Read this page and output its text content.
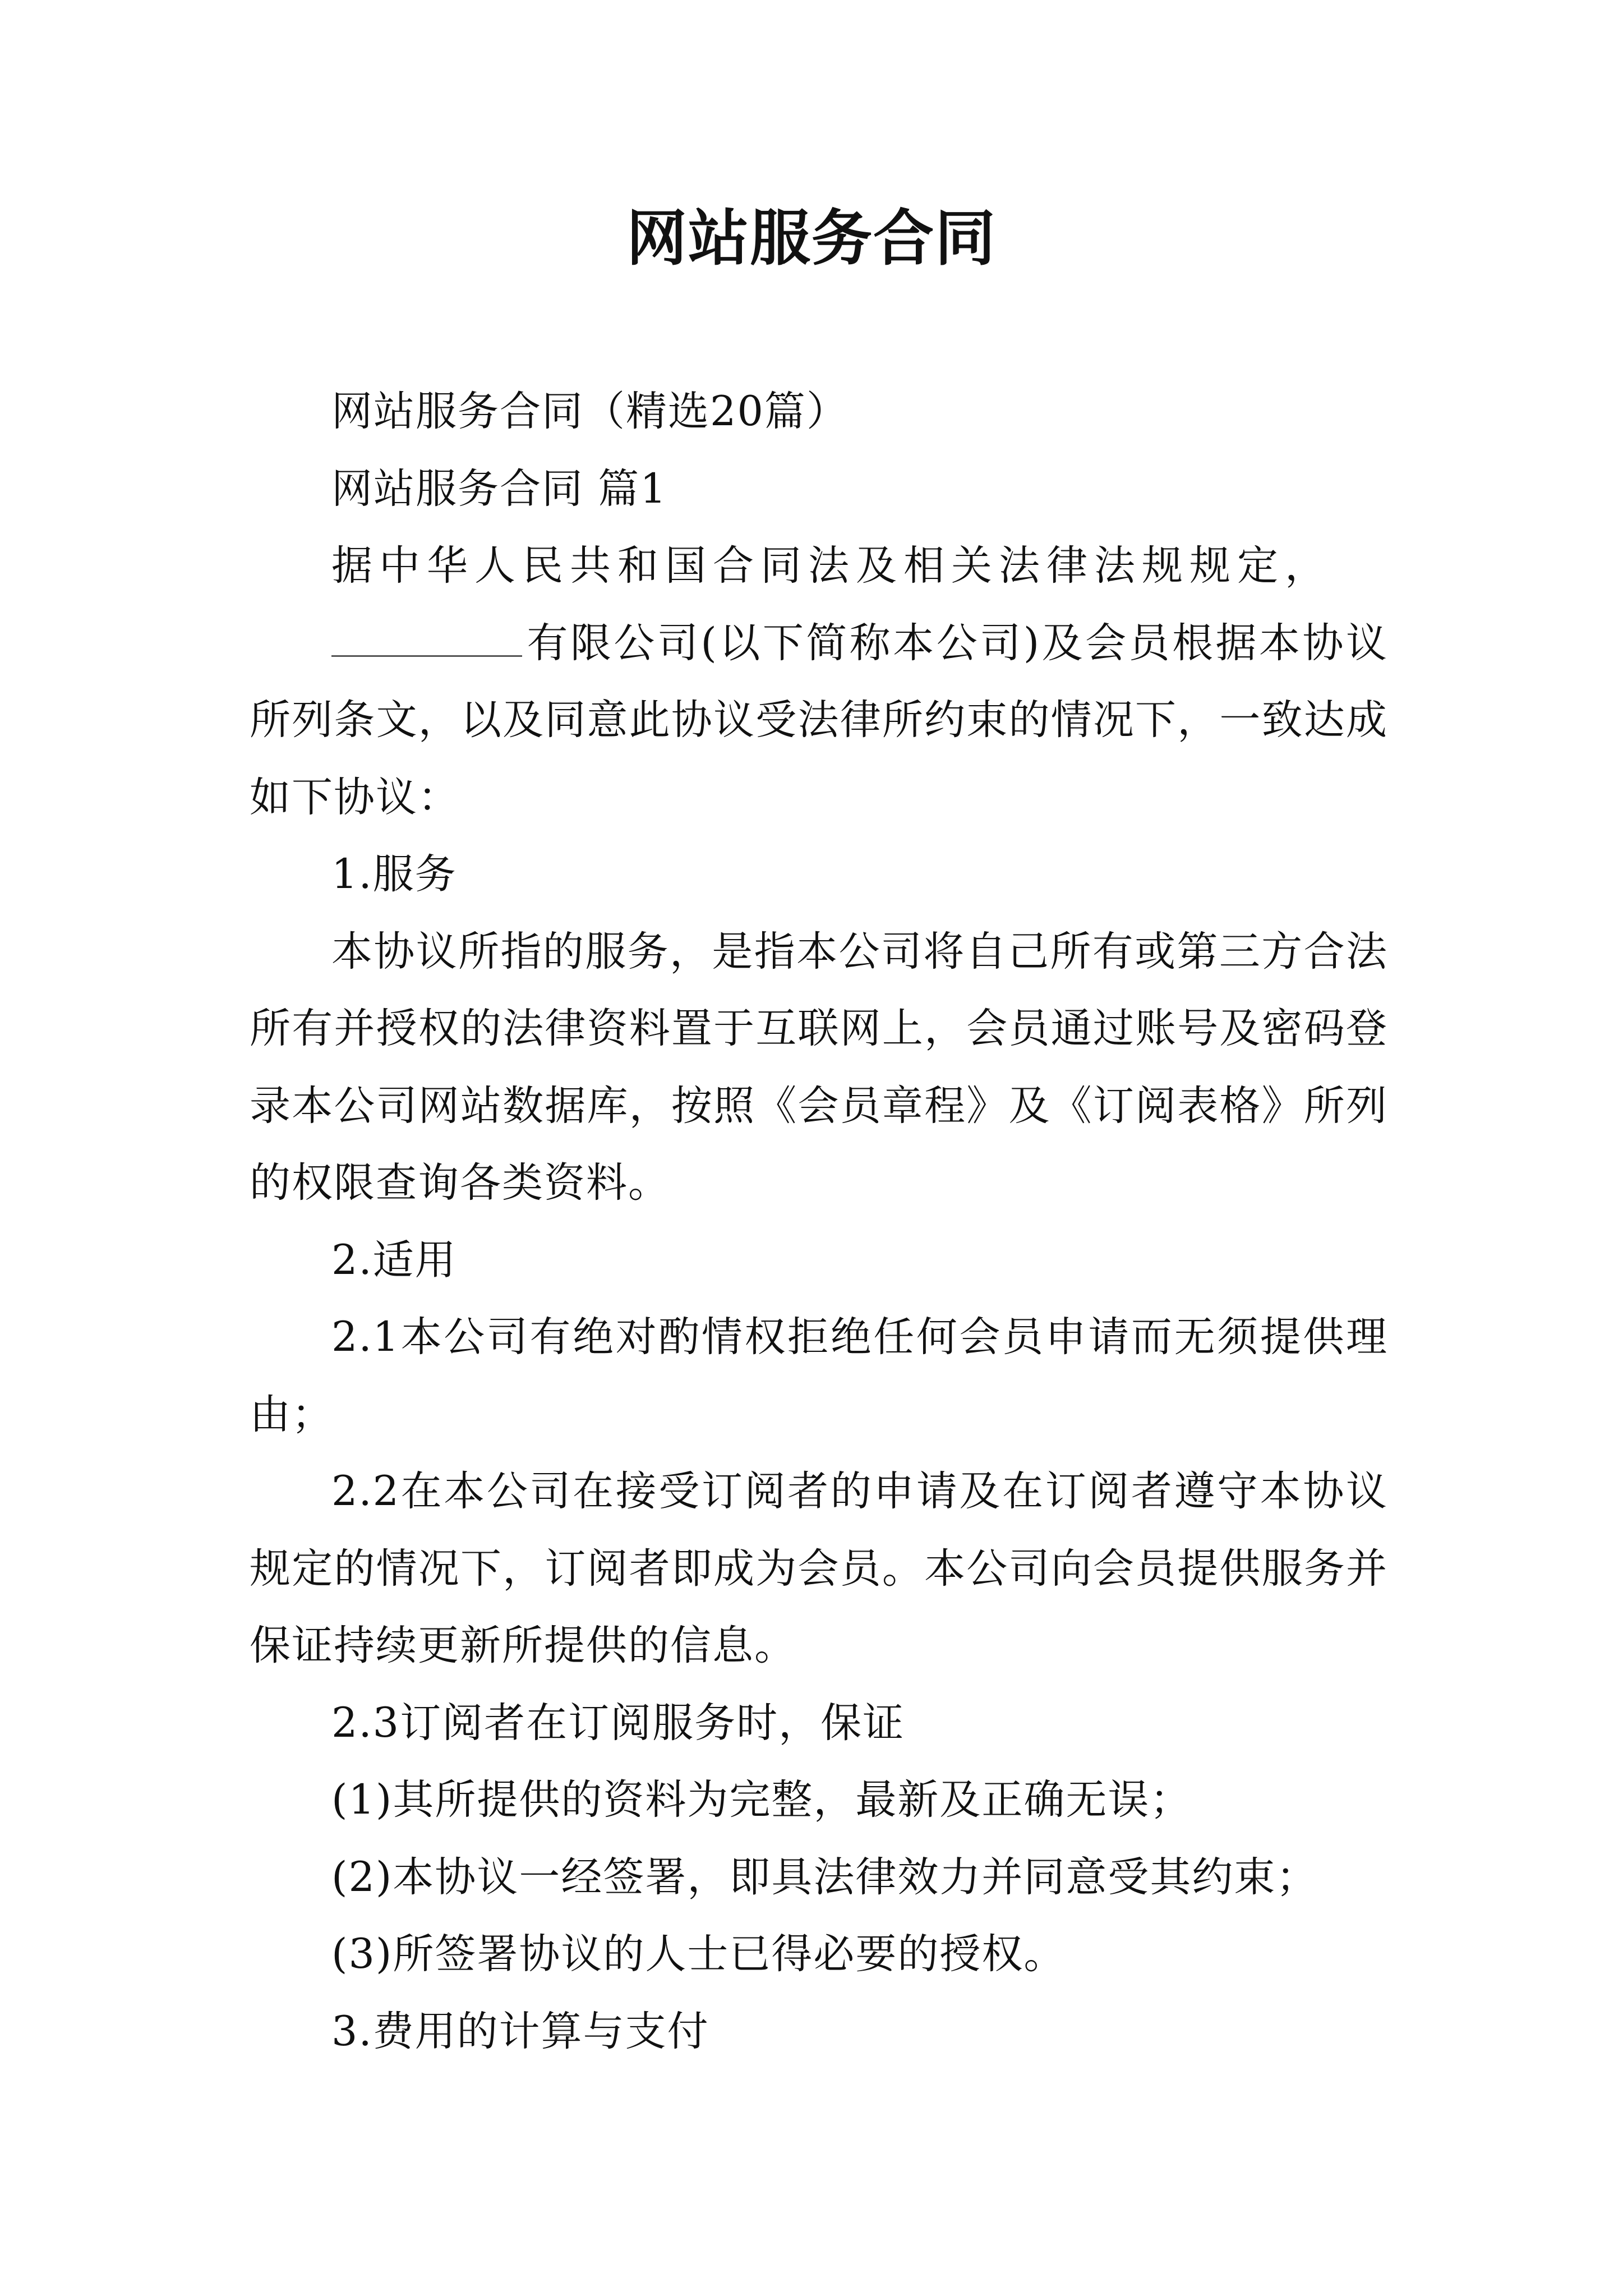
网站服务合同

网站服务合同（精选20篇）

网站服务合同 篇1

据中华人民共和国合同法及相关法律法规规定，

有限公司(以下简称本公司)及会员根据本协议所列条文，以及同意此协议受法律所约束的情况下，一致达成如下协议：

1.服务

本协议所指的服务，是指本公司将自己所有或第三方合法所有并授权的法律资料置于互联网上，会员通过账号及密码登录本公司网站数据库，按照《会员章程》及《订阅表格》所列的权限查询各类资料。

2.适用

2.1本公司有绝对酌情权拒绝任何会员申请而无须提供理由；

2.2在本公司在接受订阅者的申请及在订阅者遵守本协议规定的情况下，订阅者即成为会员。本公司向会员提供服务并保证持续更新所提供的信息。

2.3订阅者在订阅服务时，保证

(1)其所提供的资料为完整，最新及正确无误；

(2)本协议一经签署，即具法律效力并同意受其约束；

(3)所签署协议的人士已得必要的授权。

3.费用的计算与支付
